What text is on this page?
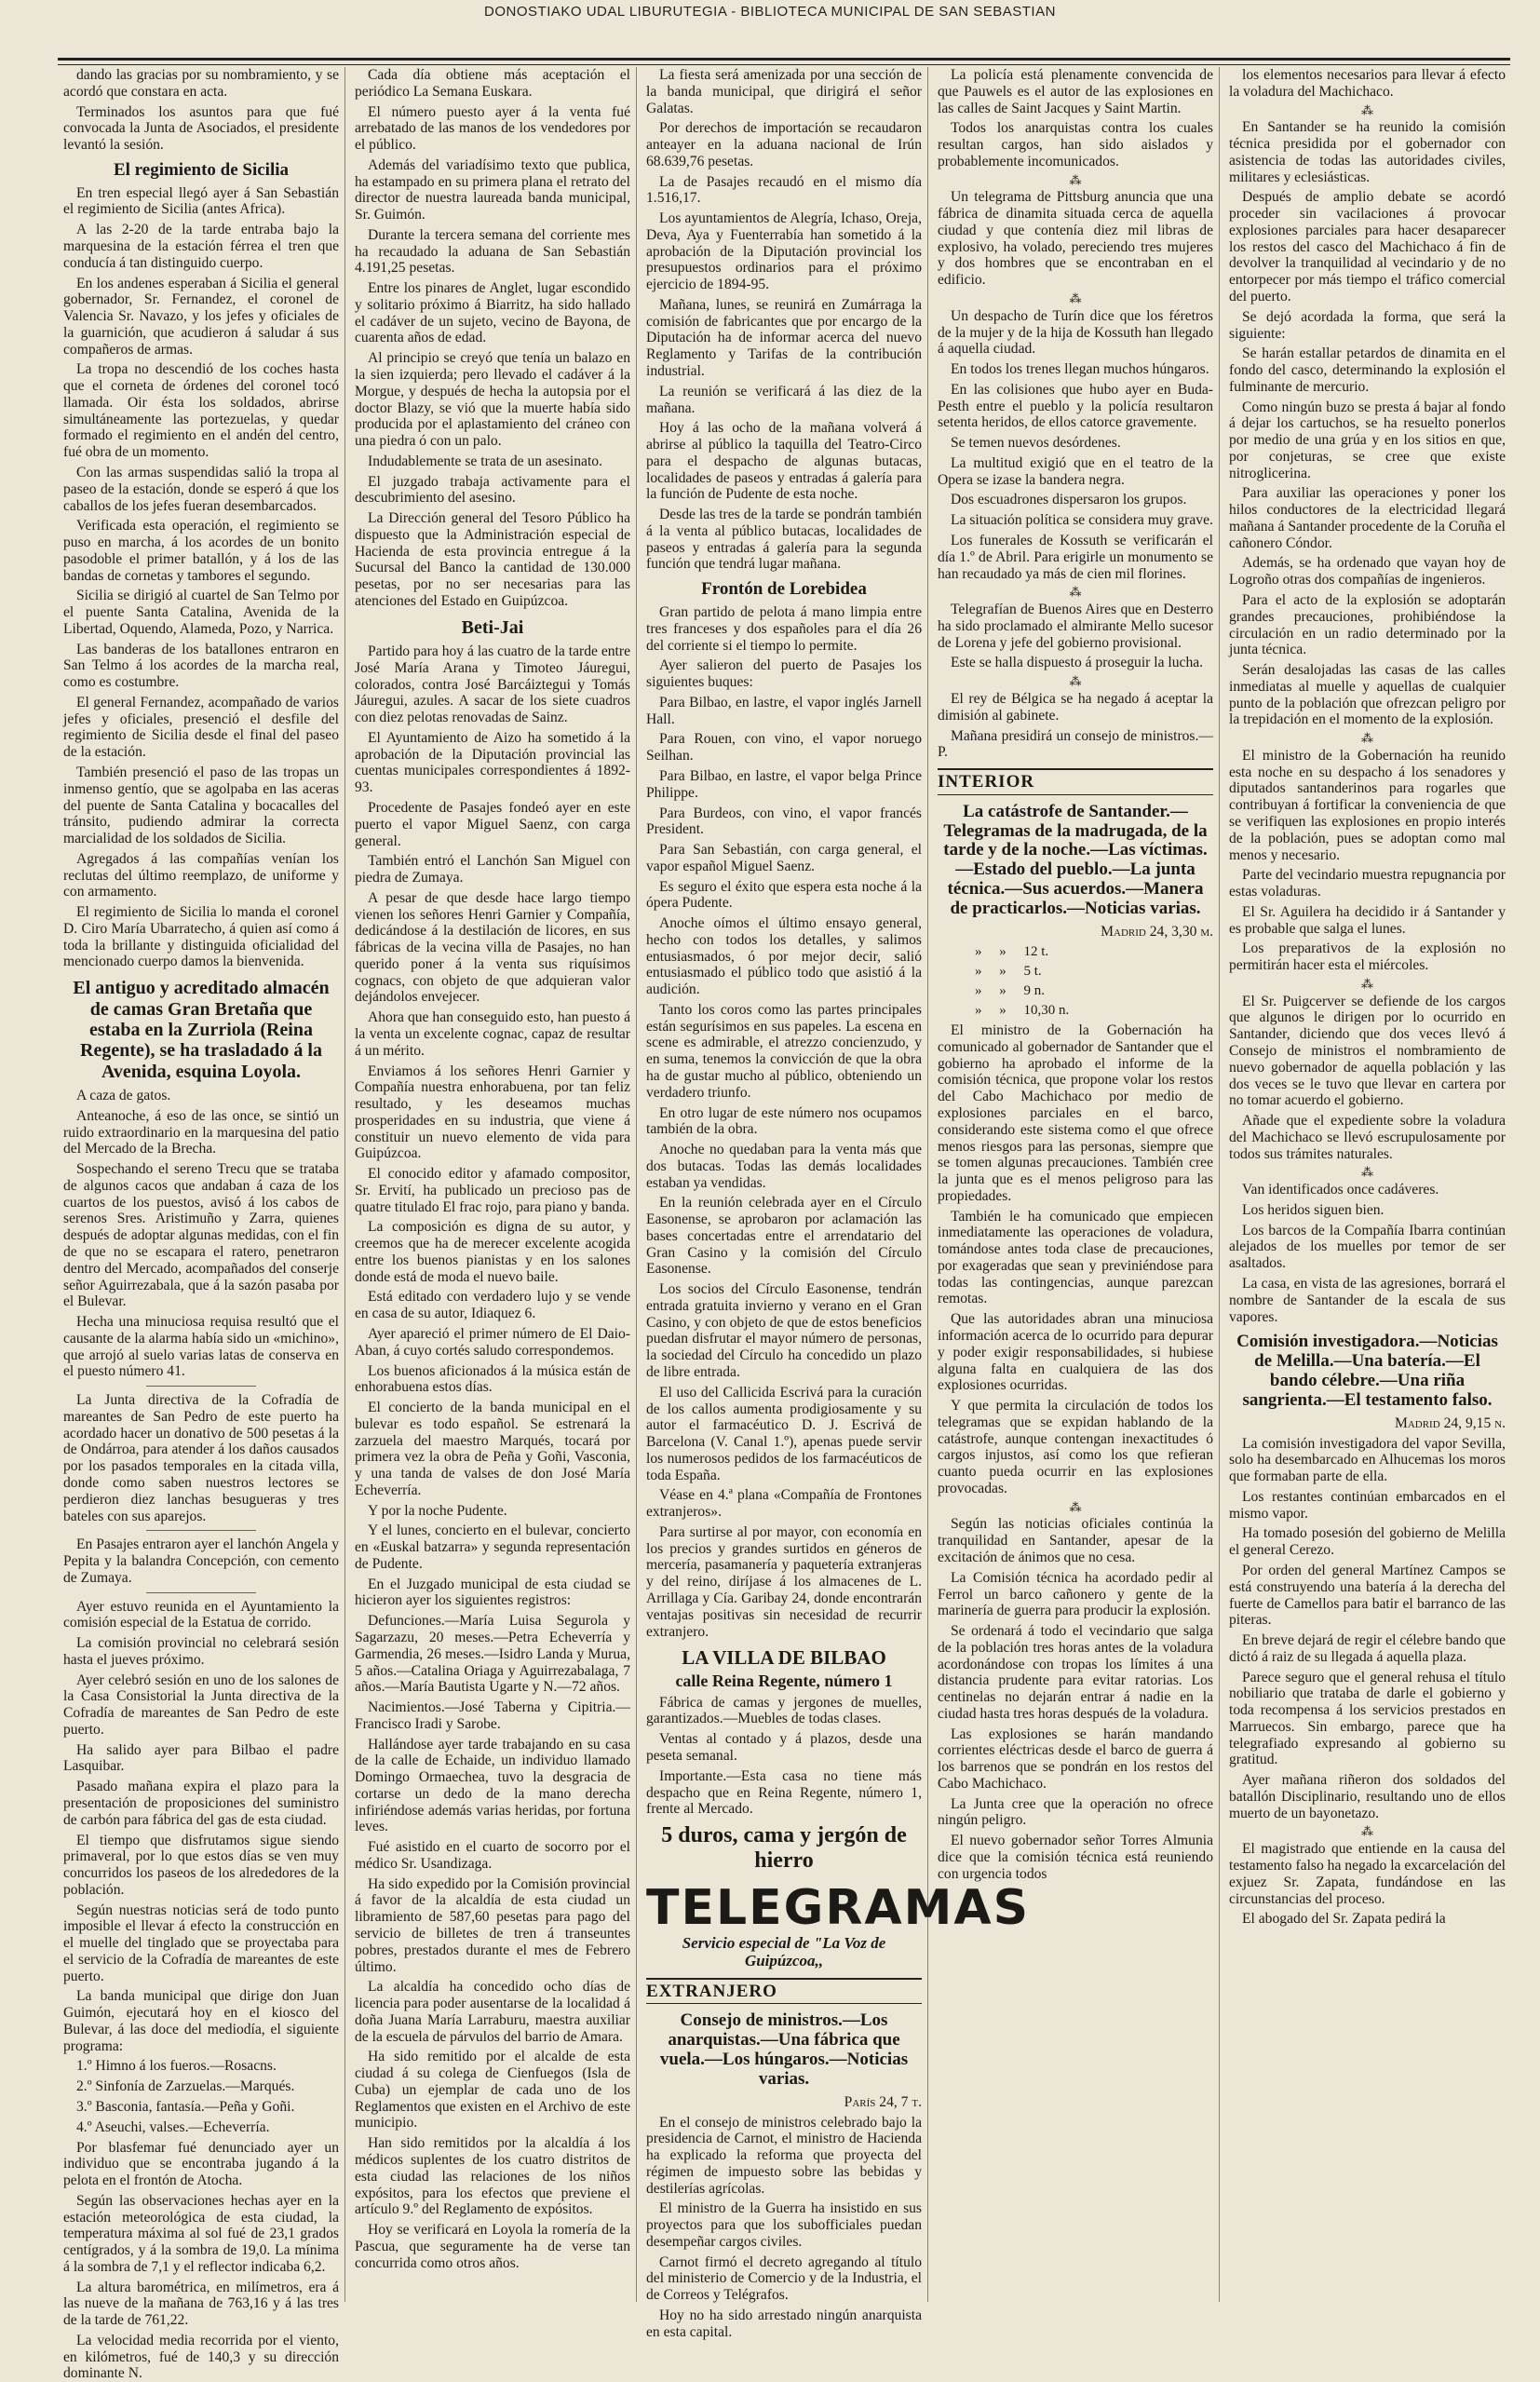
DONOSTIAKO UDAL LIBURUTEGIA - BIBLIOTECA MUNICIPAL DE SAN SEBASTIAN

dando las gracias por su nombramiento, y se acordó que constara en acta.

Terminados los asuntos para que fué convocada la Junta de Asociados, el presidente levantó la sesión.

El regimiento de Sicilia

En tren especial llegó ayer á San Sebastián el regimiento de Sicilia (antes Africa).

A las 2-20 de la tarde entraba bajo la marquesina de la estación férrea el tren que conducía á tan distinguido cuerpo.

En los andenes esperaban á Sicilia el general gobernador, Sr. Fernandez, el coronel de Valencia Sr. Navazo, y los jefes y oficiales de la guarnición, que acudieron á saludar á sus compañeros de armas.

La tropa no descendió de los coches hasta que el corneta de órdenes del coronel tocó llamada. Oir ésta los soldados, abrirse simultáneamente las portezuelas, y quedar formado el regimiento en el andén del centro, fué obra de un momento.

Con las armas suspendidas salió la tropa al paseo de la estación, donde se esperó á que los caballos de los jefes fueran desembarcados.

Verificada esta operación, el regimiento se puso en marcha, á los acordes de un bonito pasodoble el primer batallón, y á los de las bandas de cornetas y tambores el segundo.

Sicilia se dirigió al cuartel de San Telmo por el puente Santa Catalina, Avenida de la Libertad, Oquendo, Alameda, Pozo, y Narrica.

Las banderas de los batallones entraron en San Telmo á los acordes de la marcha real, como es costumbre.

El general Fernandez, acompañado de varios jefes y oficiales, presenció el desfile del regimiento de Sicilia desde el final del paseo de la estación.

También presenció el paso de las tropas un inmenso gentío, que se agolpaba en las aceras del puente de Santa Catalina y bocacalles del tránsito, pudiendo admirar la correcta marcialidad de los soldados de Sicilia.

Agregados á las compañías venían los reclutas del último reemplazo, de uniforme y con armamento.

El regimiento de Sicilia lo manda el coronel D. Ciro María Ubarratecho, á quien así como á toda la brillante y distinguida oficialidad del mencionado cuerpo damos la bienvenida.

El antiguo y acreditado almacén de camas Gran Bretaña que estaba en la Zurriola (Reina Regente), se ha trasladado á la Avenida, esquina Loyola.

A caza de gatos.

Anteanoche, á eso de las once, se sintió un ruido extraordinario en la marquesina del patio del Mercado de la Brecha.

Sospechando el sereno Trecu que se trataba de algunos cacos que andaban á caza de los cuartos de los puestos, avisó á los cabos de serenos Sres. Aristimuño y Zarra, quienes después de adoptar algunas medidas, con el fin de que no se escapara el ratero, penetraron dentro del Mercado, acompañados del conserje señor Aguirrezabala, que á la sazón pasaba por el Bulevar.

Hecha una minuciosa requisa resultó que el causante de la alarma había sido un «michino», que arrojó al suelo varias latas de conserva en el puesto número 41.

La Junta directiva de la Cofradía de mareantes de San Pedro de este puerto ha acordado hacer un donativo de 500 pesetas á la de Ondárroa, para atender á los daños causados por los pasados temporales en la citada villa, donde como saben nuestros lectores se perdieron diez lanchas besugueras y tres bateles con sus aparejos.

En Pasajes entraron ayer el lanchón Angela y Pepita y la balandra Concepción, con cemento de Zumaya.

Ayer estuvo reunida en el Ayuntamiento la comisión especial de la Estatua de corrido.

La comisión provincial no celebrará sesión hasta el jueves próximo.

Ayer celebró sesión en uno de los salones de la Casa Consistorial la Junta directiva de la Cofradía de mareantes de San Pedro de este puerto.

Ha salido ayer para Bilbao el padre Lasquibar.

Pasado mañana expira el plazo para la presentación de proposiciones del suministro de carbón para fábrica del gas de esta ciudad.

El tiempo que disfrutamos sigue siendo primaveral, por lo que estos días se ven muy concurridos los paseos de los alrededores de la población.

Según nuestras noticias será de todo punto imposible el llevar á efecto la construcción en el muelle del tinglado que se proyectaba para el servicio de la Cofradía de mareantes de este puerto.

La banda municipal que dirige don Juan Guimón, ejecutará hoy en el kiosco del Bulevar, á las doce del mediodía, el siguiente programa:

1.º Himno á los fueros.—Rosacns.

2.º Sinfonía de Zarzuelas.—Marqués.

3.º Basconia, fantasía.—Peña y Goñi.

4.º Aseuchi, valses.—Echeverría.

Por blasfemar fué denunciado ayer un individuo que se encontraba jugando á la pelota en el frontón de Atocha.

Según las observaciones hechas ayer en la estación meteorológica de esta ciudad, la temperatura máxima al sol fué de 23,1 grados centígrados, y á la sombra de 19,0. La mínima á la sombra de 7,1 y el reflector indicaba 6,2.

La altura barométrica, en milímetros, era á las nueve de la mañana de 763,16 y á las tres de la tarde de 761,22.

La velocidad media recorrida por el viento, en kilómetros, fué de 140,3 y su dirección dominante N.

Cada día obtiene más aceptación el periódico La Semana Euskara.

El número puesto ayer á la venta fué arrebatado de las manos de los vendedores por el público.

Además del variadísimo texto que publica, ha estampado en su primera plana el retrato del director de nuestra laureada banda municipal, Sr. Guimón.

Durante la tercera semana del corriente mes ha recaudado la aduana de San Sebastián 4.191,25 pesetas.

Entre los pinares de Anglet, lugar escondido y solitario próximo á Biarritz, ha sido hallado el cadáver de un sujeto, vecino de Bayona, de cuarenta años de edad.

Al principio se creyó que tenía un balazo en la sien izquierda; pero llevado el cadáver á la Morgue, y después de hecha la autopsia por el doctor Blazy, se vió que la muerte había sido producida por el aplastamiento del cráneo con una piedra ó con un palo.

Indudablemente se trata de un asesinato.

El juzgado trabaja activamente para el descubrimiento del asesino.

La Dirección general del Tesoro Público ha dispuesto que la Administración especial de Hacienda de esta provincia entregue á la Sucursal del Banco la cantidad de 130.000 pesetas, por no ser necesarias para las atenciones del Estado en Guipúzcoa.

Beti-Jai

Partido para hoy á las cuatro de la tarde entre José María Arana y Timoteo Jáuregui, colorados, contra José Barcáiztegui y Tomás Jáuregui, azules. A sacar de los siete cuadros con diez pelotas renovadas de Sainz.

El Ayuntamiento de Aizo ha sometido á la aprobación de la Diputación provincial las cuentas municipales correspondientes á 1892-93.

Procedente de Pasajes fondeó ayer en este puerto el vapor Miguel Saenz, con carga general.

También entró el Lanchón San Miguel con piedra de Zumaya.

A pesar de que desde hace largo tiempo vienen los señores Henri Garnier y Compañía, dedicándose á la destilación de licores, en sus fábricas de la vecina villa de Pasajes, no han querido poner á la venta sus riquísimos cognacs, con objeto de que adquieran valor dejándolos envejecer.

Ahora que han conseguido esto, han puesto á la venta un excelente cognac, capaz de resultar á un mérito.

Enviamos á los señores Henri Garnier y Compañía nuestra enhorabuena, por tan feliz resultado, y les deseamos muchas prosperidades en su industria, que viene á constituir un nuevo elemento de vida para Guipúzcoa.

El conocido editor y afamado compositor, Sr. Ervití, ha publicado un precioso pas de quatre titulado El frac rojo, para piano y banda.

La composición es digna de su autor, y creemos que ha de merecer excelente acogida entre los buenos pianistas y en los salones donde está de moda el nuevo baile.

Está editado con verdadero lujo y se vende en casa de su autor, Idiaquez 6.

Ayer apareció el primer número de El Daio-Aban, á cuyo cortés saludo correspondemos.

Los buenos aficionados á la música están de enhorabuena estos días.

El concierto de la banda municipal en el bulevar es todo español. Se estrenará la zarzuela del maestro Marqués, tocará por primera vez la obra de Peña y Goñi, Vasconia, y una tanda de valses de don José María Echeverría.

Y por la noche Pudente.

Y el lunes, concierto en el bulevar, concierto en «Euskal batzarra» y segunda representación de Pudente.

En el Juzgado municipal de esta ciudad se hicieron ayer los siguientes registros:

Defunciones.—María Luisa Segurola y Sagarzazu, 20 meses.—Petra Echeverría y Garmendia, 26 meses.—Isidro Landa y Murua, 5 años.—Catalina Oriaga y Aguirrezabalaga, 7 años.—María Bautista Ugarte y N.—72 años.

Nacimientos.—José Taberna y Cipitria.—Francisco Iradi y Sarobe.

Hallándose ayer tarde trabajando en su casa de la calle de Echaide, un individuo llamado Domingo Ormaechea, tuvo la desgracia de cortarse un dedo de la mano derecha infiriéndose además varias heridas, por fortuna leves.

Fué asistido en el cuarto de socorro por el médico Sr. Usandizaga.

Ha sido expedido por la Comisión provincial á favor de la alcaldía de esta ciudad un libramiento de 587,60 pesetas para pago del servicio de billetes de tren á transeuntes pobres, prestados durante el mes de Febrero último.

La alcaldía ha concedido ocho días de licencia para poder ausentarse de la localidad á doña Juana María Larraburu, maestra auxiliar de la escuela de párvulos del barrio de Amara.

Ha sido remitido por el alcalde de esta ciudad á su colega de Cienfuegos (Isla de Cuba) un ejemplar de cada uno de los Reglamentos que existen en el Archivo de este municipio.

Han sido remitidos por la alcaldía á los médicos suplentes de los cuatro distritos de esta ciudad las relaciones de los niños expósitos, para los efectos que previene el artículo 9.º del Reglamento de expósitos.

Hoy se verificará en Loyola la romería de la Pascua, que seguramente ha de verse tan concurrida como otros años.

La fiesta será amenizada por una sección de la banda municipal, que dirigirá el señor Galatas.

Por derechos de importación se recaudaron anteayer en la aduana nacional de Irún 68.639,76 pesetas.

La de Pasajes recaudó en el mismo día 1.516,17.

Los ayuntamientos de Alegría, Ichaso, Oreja, Deva, Aya y Fuenterrabía han sometido á la aprobación de la Diputación provincial los presupuestos ordinarios para el próximo ejercicio de 1894-95.

Mañana, lunes, se reunirá en Zumárraga la comisión de fabricantes que por encargo de la Diputación ha de informar acerca del nuevo Reglamento y Tarifas de la contribución industrial.

La reunión se verificará á las diez de la mañana.

Hoy á las ocho de la mañana volverá á abrirse al público la taquilla del Teatro-Circo para el despacho de algunas butacas, localidades de paseos y entradas á galería para la función de Pudente de esta noche.

Desde las tres de la tarde se pondrán también á la venta al público butacas, localidades de paseos y entradas á galería para la segunda función que tendrá lugar mañana.

Frontón de Lorebidea

Gran partido de pelota á mano limpia entre tres franceses y dos españoles para el día 26 del corriente si el tiempo lo permite.

Ayer salieron del puerto de Pasajes los siguientes buques:

Para Bilbao, en lastre, el vapor inglés Jarnell Hall.

Para Rouen, con vino, el vapor noruego Seilhan.

Para Bilbao, en lastre, el vapor belga Prince Philippe.

Para Burdeos, con vino, el vapor francés President.

Para San Sebastián, con carga general, el vapor español Miguel Saenz.

Es seguro el éxito que espera esta noche á la ópera Pudente.

Anoche oímos el último ensayo general, hecho con todos los detalles, y salimos entusiasmados, ó por mejor decir, salió entusiasmado el público todo que asistió á la audición.

Tanto los coros como las partes principales están segurísimos en sus papeles. La escena en scene es admirable, el atrezzo concienzudo, y en suma, tenemos la convicción de que la obra ha de gustar mucho al público, obteniendo un verdadero triunfo.

En otro lugar de este número nos ocupamos también de la obra.

Anoche no quedaban para la venta más que dos butacas. Todas las demás localidades estaban ya vendidas.

En la reunión celebrada ayer en el Círculo Easonense, se aprobaron por aclamación las bases concertadas entre el arrendatario del Gran Casino y la comisión del Círculo Easonense.

Los socios del Círculo Easonense, tendrán entrada gratuita invierno y verano en el Gran Casino, y con objeto de que de estos beneficios puedan disfrutar el mayor número de personas, la sociedad del Círculo ha concedido un plazo de libre entrada.

El uso del Callicida Escrivá para la curación de los callos aumenta prodigiosamente y su autor el farmacéutico D. J. Escrivá de Barcelona (V. Canal 1.º), apenas puede servir los numerosos pedidos de los farmacéuticos de toda España.

Véase en 4.ª plana «Compañía de Frontones extranjeros».

Para surtirse al por mayor, con economía en los precios y grandes surtidos en géneros de mercería, pasamanería y paquetería extranjeras y del reino, diríjase á los almacenes de L. Arrillaga y Cía. Garibay 24, donde encontrarán ventajas positivas sin necesidad de recurrir extranjero.

LA VILLA DE BILBAO
calle Reina Regente, número 1

Fábrica de camas y jergones de muelles, garantizados.—Muebles de todas clases.

Ventas al contado y á plazos, desde una peseta semanal.

Importante.—Esta casa no tiene más despacho que en Reina Regente, número 1, frente al Mercado.

5 duros, cama y jergón de hierro
TELEGRAMAS
Servicio especial de "La Voz de Guipúzcoa,,
EXTRANJERO
Consejo de ministros.—Los anarquistas.—Una fábrica que vuela.—Los húngaros.—Noticias varias.
París 24, 7 t.

En el consejo de ministros celebrado bajo la presidencia de Carnot, el ministro de Hacienda ha explicado la reforma que proyecta del régimen de impuesto sobre las bebidas y destilerías agrícolas.

El ministro de la Guerra ha insistido en sus proyectos para que los subofficiales puedan desempeñar cargos civiles.

Carnot firmó el decreto agregando al título del ministerio de Comercio y de la Industria, el de Correos y Telégrafos.

Hoy no ha sido arrestado ningún anarquista en esta capital.

La policía está plenamente convencida de que Pauwels es el autor de las explosiones en las calles de Saint Jacques y Saint Martin.

Todos los anarquistas contra los cuales resultan cargos, han sido aislados y probablemente incomunicados.

⁂

Un telegrama de Pittsburg anuncia que una fábrica de dinamita situada cerca de aquella ciudad y que contenía diez mil libras de explosivo, ha volado, pereciendo tres mujeres y dos hombres que se encontraban en el edificio.

⁂

Un despacho de Turín dice que los féretros de la mujer y de la hija de Kossuth han llegado á aquella ciudad.

En todos los trenes llegan muchos húngaros.

En las colisiones que hubo ayer en Buda-Pesth entre el pueblo y la policía resultaron setenta heridos, de ellos catorce gravemente.

Se temen nuevos desórdenes.

La multitud exigió que en el teatro de la Opera se izase la bandera negra.

Dos escuadrones dispersaron los grupos.

La situación política se considera muy grave.

Los funerales de Kossuth se verificarán el día 1.º de Abril. Para erigirle un monumento se han recaudado ya más de cien mil florines.

⁂

Telegrafían de Buenos Aires que en Desterro ha sido proclamado el almirante Mello sucesor de Lorena y jefe del gobierno provisional.

Este se halla dispuesto á proseguir la lucha.

⁂

El rey de Bélgica se ha negado á aceptar la dimisión al gabinete.

Mañana presidirá un consejo de ministros.—P.

INTERIOR
La catástrofe de Santander.—Telegramas de la madrugada, de la tarde y de la noche.—Las víctimas.—Estado del pueblo.—La junta técnica.—Sus acuerdos.—Manera de practicarlos.—Noticias varias.
Madrid 24, 3,30 m.
»     »     12 t.
»     »     5 t.
»     »     9 n.
»     »     10,30 n.

El ministro de la Gobernación ha comunicado al gobernador de Santander que el gobierno ha aprobado el informe de la comisión técnica, que propone volar los restos del Cabo Machichaco por medio de explosiones parciales en el barco, considerando este sistema como el que ofrece menos riesgos para las personas, siempre que se tomen algunas precauciones. También cree la junta que es el menos peligroso para las propiedades.

También le ha comunicado que empiecen inmediatamente las operaciones de voladura, tomándose antes toda clase de precauciones, por exageradas que sean y previniéndose para todas las contingencias, aunque parezcan remotas.

Que las autoridades abran una minuciosa información acerca de lo ocurrido para depurar y poder exigir responsabilidades, si hubiese alguna falta en cualquiera de las dos explosiones ocurridas.

Y que permita la circulación de todos los telegramas que se expidan hablando de la catástrofe, aunque contengan inexactitudes ó cargos injustos, así como los que refieran cuanto pueda ocurrir en las explosiones provocadas.

⁂

Según las noticias oficiales continúa la tranquilidad en Santander, apesar de la excitación de ánimos que no cesa.

La Comisión técnica ha acordado pedir al Ferrol un barco cañonero y gente de la marinería de guerra para producir la explosión.

Se ordenará á todo el vecindario que salga de la población tres horas antes de la voladura acordonándose con tropas los límites á una distancia prudente para evitar ratorias. Los centinelas no dejarán entrar á nadie en la ciudad hasta tres horas después de la voladura.

Las explosiones se harán mandando corrientes eléctricas desde el barco de guerra á los barrenos que se pondrán en los restos del Cabo Machichaco.

La Junta cree que la operación no ofrece ningún peligro.

El nuevo gobernador señor Torres Almunia dice que la comisión técnica está reuniendo con urgencia todos

los elementos necesarios para llevar á efecto la voladura del Machichaco.

⁂

En Santander se ha reunido la comisión técnica presidida por el gobernador con asistencia de todas las autoridades civiles, militares y eclesiásticas.

Después de amplio debate se acordó proceder sin vacilaciones á provocar explosiones parciales para hacer desaparecer los restos del casco del Machichaco á fin de devolver la tranquilidad al vecindario y de no entorpecer por más tiempo el tráfico comercial del puerto.

Se dejó acordada la forma, que será la siguiente:

Se harán estallar petardos de dinamita en el fondo del casco, determinando la explosión el fulminante de mercurio.

Como ningún buzo se presta á bajar al fondo á dejar los cartuchos, se ha resuelto ponerlos por medio de una grúa y en los sitios en que, por conjeturas, se cree que existe nitroglicerina.

Para auxiliar las operaciones y poner los hilos conductores de la electricidad llegará mañana á Santander procedente de la Coruña el cañonero Cóndor.

Además, se ha ordenado que vayan hoy de Logroño otras dos compañías de ingenieros.

Para el acto de la explosión se adoptarán grandes precauciones, prohibiéndose la circulación en un radio determinado por la junta técnica.

Serán desalojadas las casas de las calles inmediatas al muelle y aquellas de cualquier punto de la población que ofrezcan peligro por la trepidación en el momento de la explosión.

⁂

El ministro de la Gobernación ha reunido esta noche en su despacho á los senadores y diputados santanderinos para rogarles que contribuyan á fortificar la conveniencia de que se verifiquen las explosiones en propio interés de la población, pues se adoptan como mal menos y necesario.

Parte del vecindario muestra repugnancia por estas voladuras.

El Sr. Aguilera ha decidido ir á Santander y es probable que salga el lunes.

Los preparativos de la explosión no permitirán hacer esta el miércoles.

⁂

El Sr. Puigcerver se defiende de los cargos que algunos le dirigen por lo ocurrido en Santander, diciendo que dos veces llevó á Consejo de ministros el nombramiento de nuevo gobernador de aquella población y las dos veces se le tuvo que llevar en cartera por no tomar acuerdo el gobierno.

Añade que el expediente sobre la voladura del Machichaco se llevó escrupulosamente por todos sus trámites naturales.

⁂

Van identificados once cadáveres.

Los heridos siguen bien.

Los barcos de la Compañía Ibarra continúan alejados de los muelles por temor de ser asaltados.

La casa, en vista de las agresiones, borrará el nombre de Santander de la escala de sus vapores.

Comisión investigadora.—Noticias de Melilla.—Una batería.—El bando célebre.—Una riña sangrienta.—El testamento falso.
Madrid 24, 9,15 n.

La comisión investigadora del vapor Sevilla, solo ha desembarcado en Alhucemas los moros que formaban parte de ella.

Los restantes continúan embarcados en el mismo vapor.

Ha tomado posesión del gobierno de Melilla el general Cerezo.

Por orden del general Martínez Campos se está construyendo una batería á la derecha del fuerte de Camellos para batir el barranco de las piteras.

En breve dejará de regir el célebre bando que dictó á raiz de su llegada á aquella plaza.

Parece seguro que el general rehusa el título nobiliario que trataba de darle el gobierno y toda recompensa á los servicios prestados en Marruecos. Sin embargo, parece que ha telegrafiado expresando al gobierno su gratitud.

Ayer mañana riñeron dos soldados del batallón Disciplinario, resultando uno de ellos muerto de un bayonetazo.

⁂

El magistrado que entiende en la causa del testamento falso ha negado la excarcelación del exjuez Sr. Zapata, fundándose en las circunstancias del proceso.

El abogado del Sr. Zapata pedirá la
